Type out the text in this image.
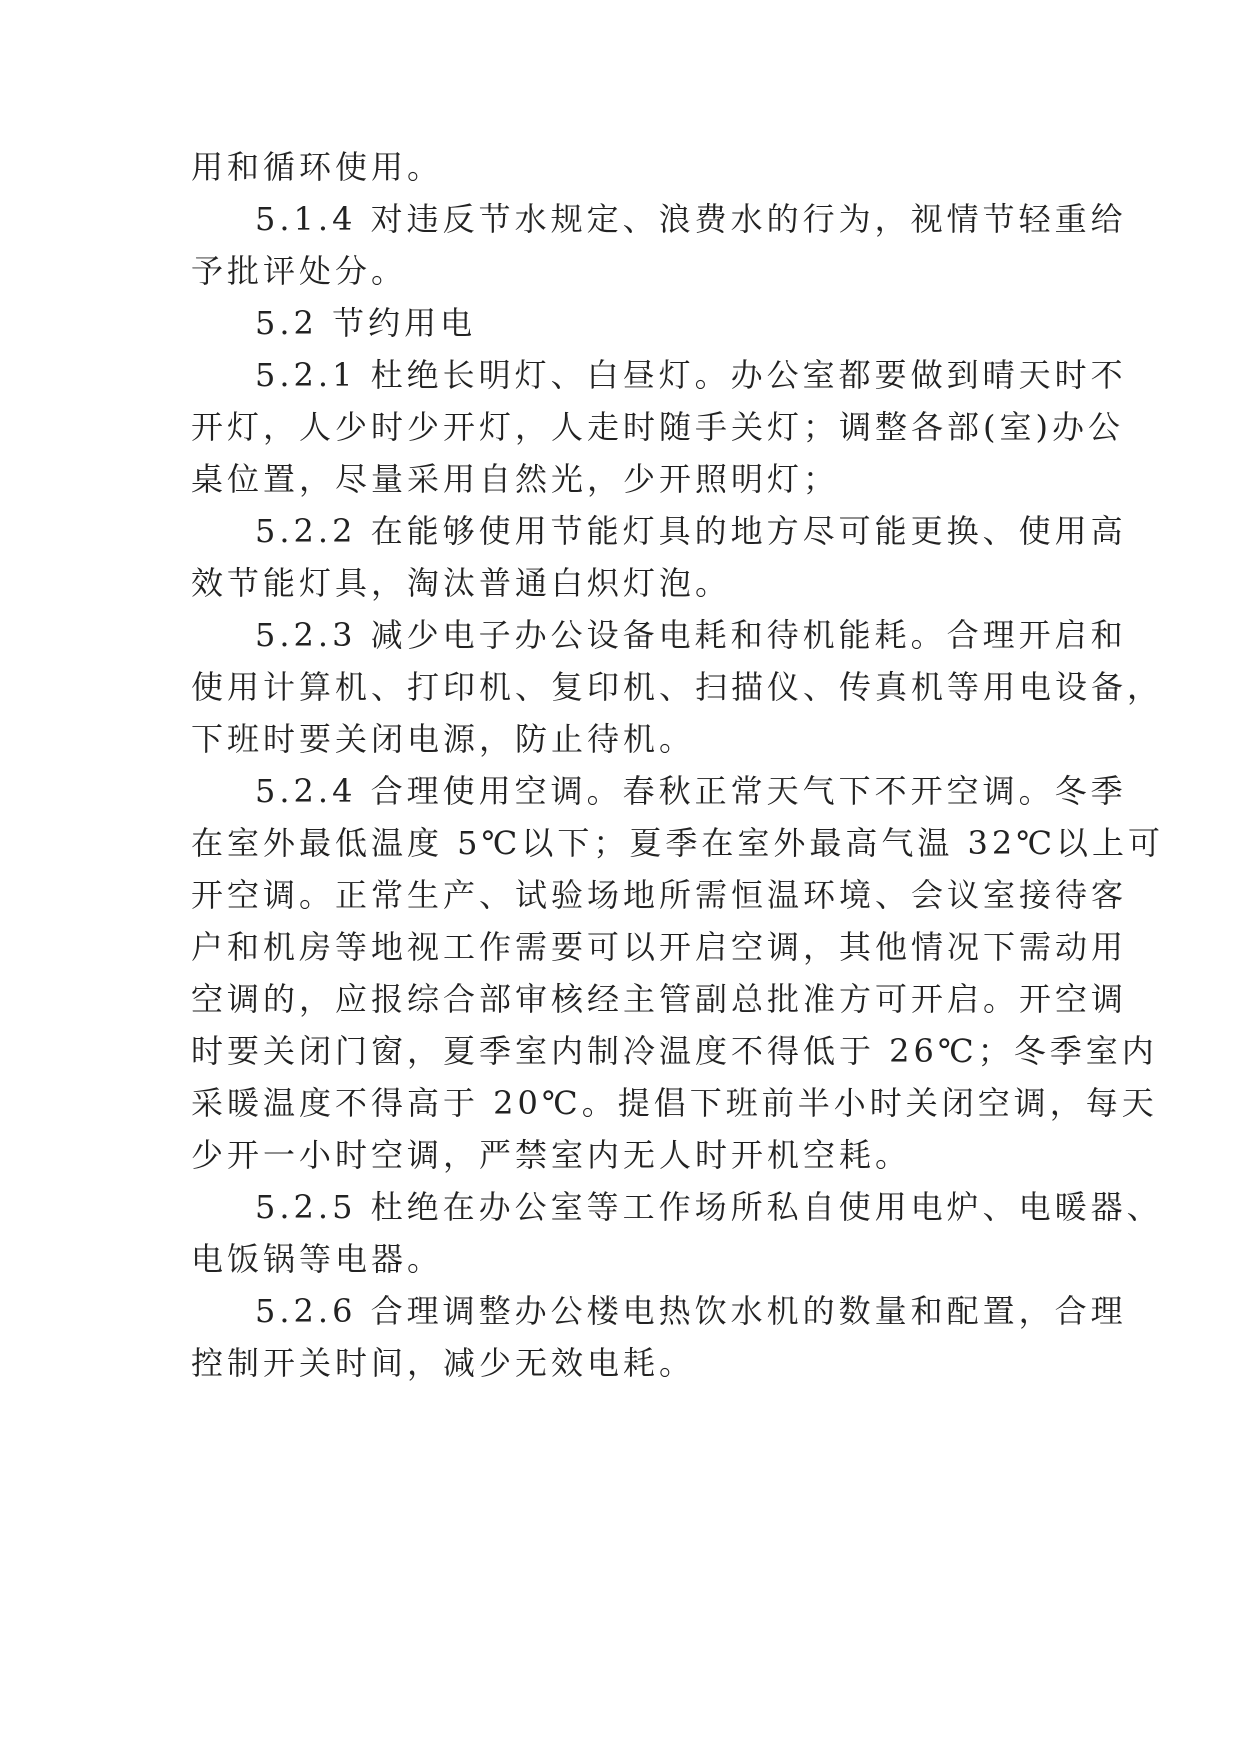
用和循环使用。
5.1.4 对违反节水规定、浪费水的行为，视情节轻重给
予批评处分。
5.2 节约用电
5.2.1 杜绝长明灯、白昼灯。办公室都要做到晴天时不
开灯，人少时少开灯，人走时随手关灯；调整各部(室)办公
桌位置，尽量采用自然光，少开照明灯；
5.2.2 在能够使用节能灯具的地方尽可能更换、使用高
效节能灯具，淘汰普通白炽灯泡。
5.2.3 减少电子办公设备电耗和待机能耗。合理开启和
使用计算机、打印机、复印机、扫描仪、传真机等用电设备，
下班时要关闭电源，防止待机。
5.2.4 合理使用空调。春秋正常天气下不开空调。冬季
在室外最低温度 5℃以下；夏季在室外最高气温 32℃以上可
开空调。正常生产、试验场地所需恒温环境、会议室接待客
户和机房等地视工作需要可以开启空调，其他情况下需动用
空调的，应报综合部审核经主管副总批准方可开启。开空调
时要关闭门窗，夏季室内制冷温度不得低于 26℃；冬季室内
采暖温度不得高于 20℃。提倡下班前半小时关闭空调，每天
少开一小时空调，严禁室内无人时开机空耗。
5.2.5 杜绝在办公室等工作场所私自使用电炉、电暖器、
电饭锅等电器。
5.2.6 合理调整办公楼电热饮水机的数量和配置，合理
控制开关时间，减少无效电耗。
